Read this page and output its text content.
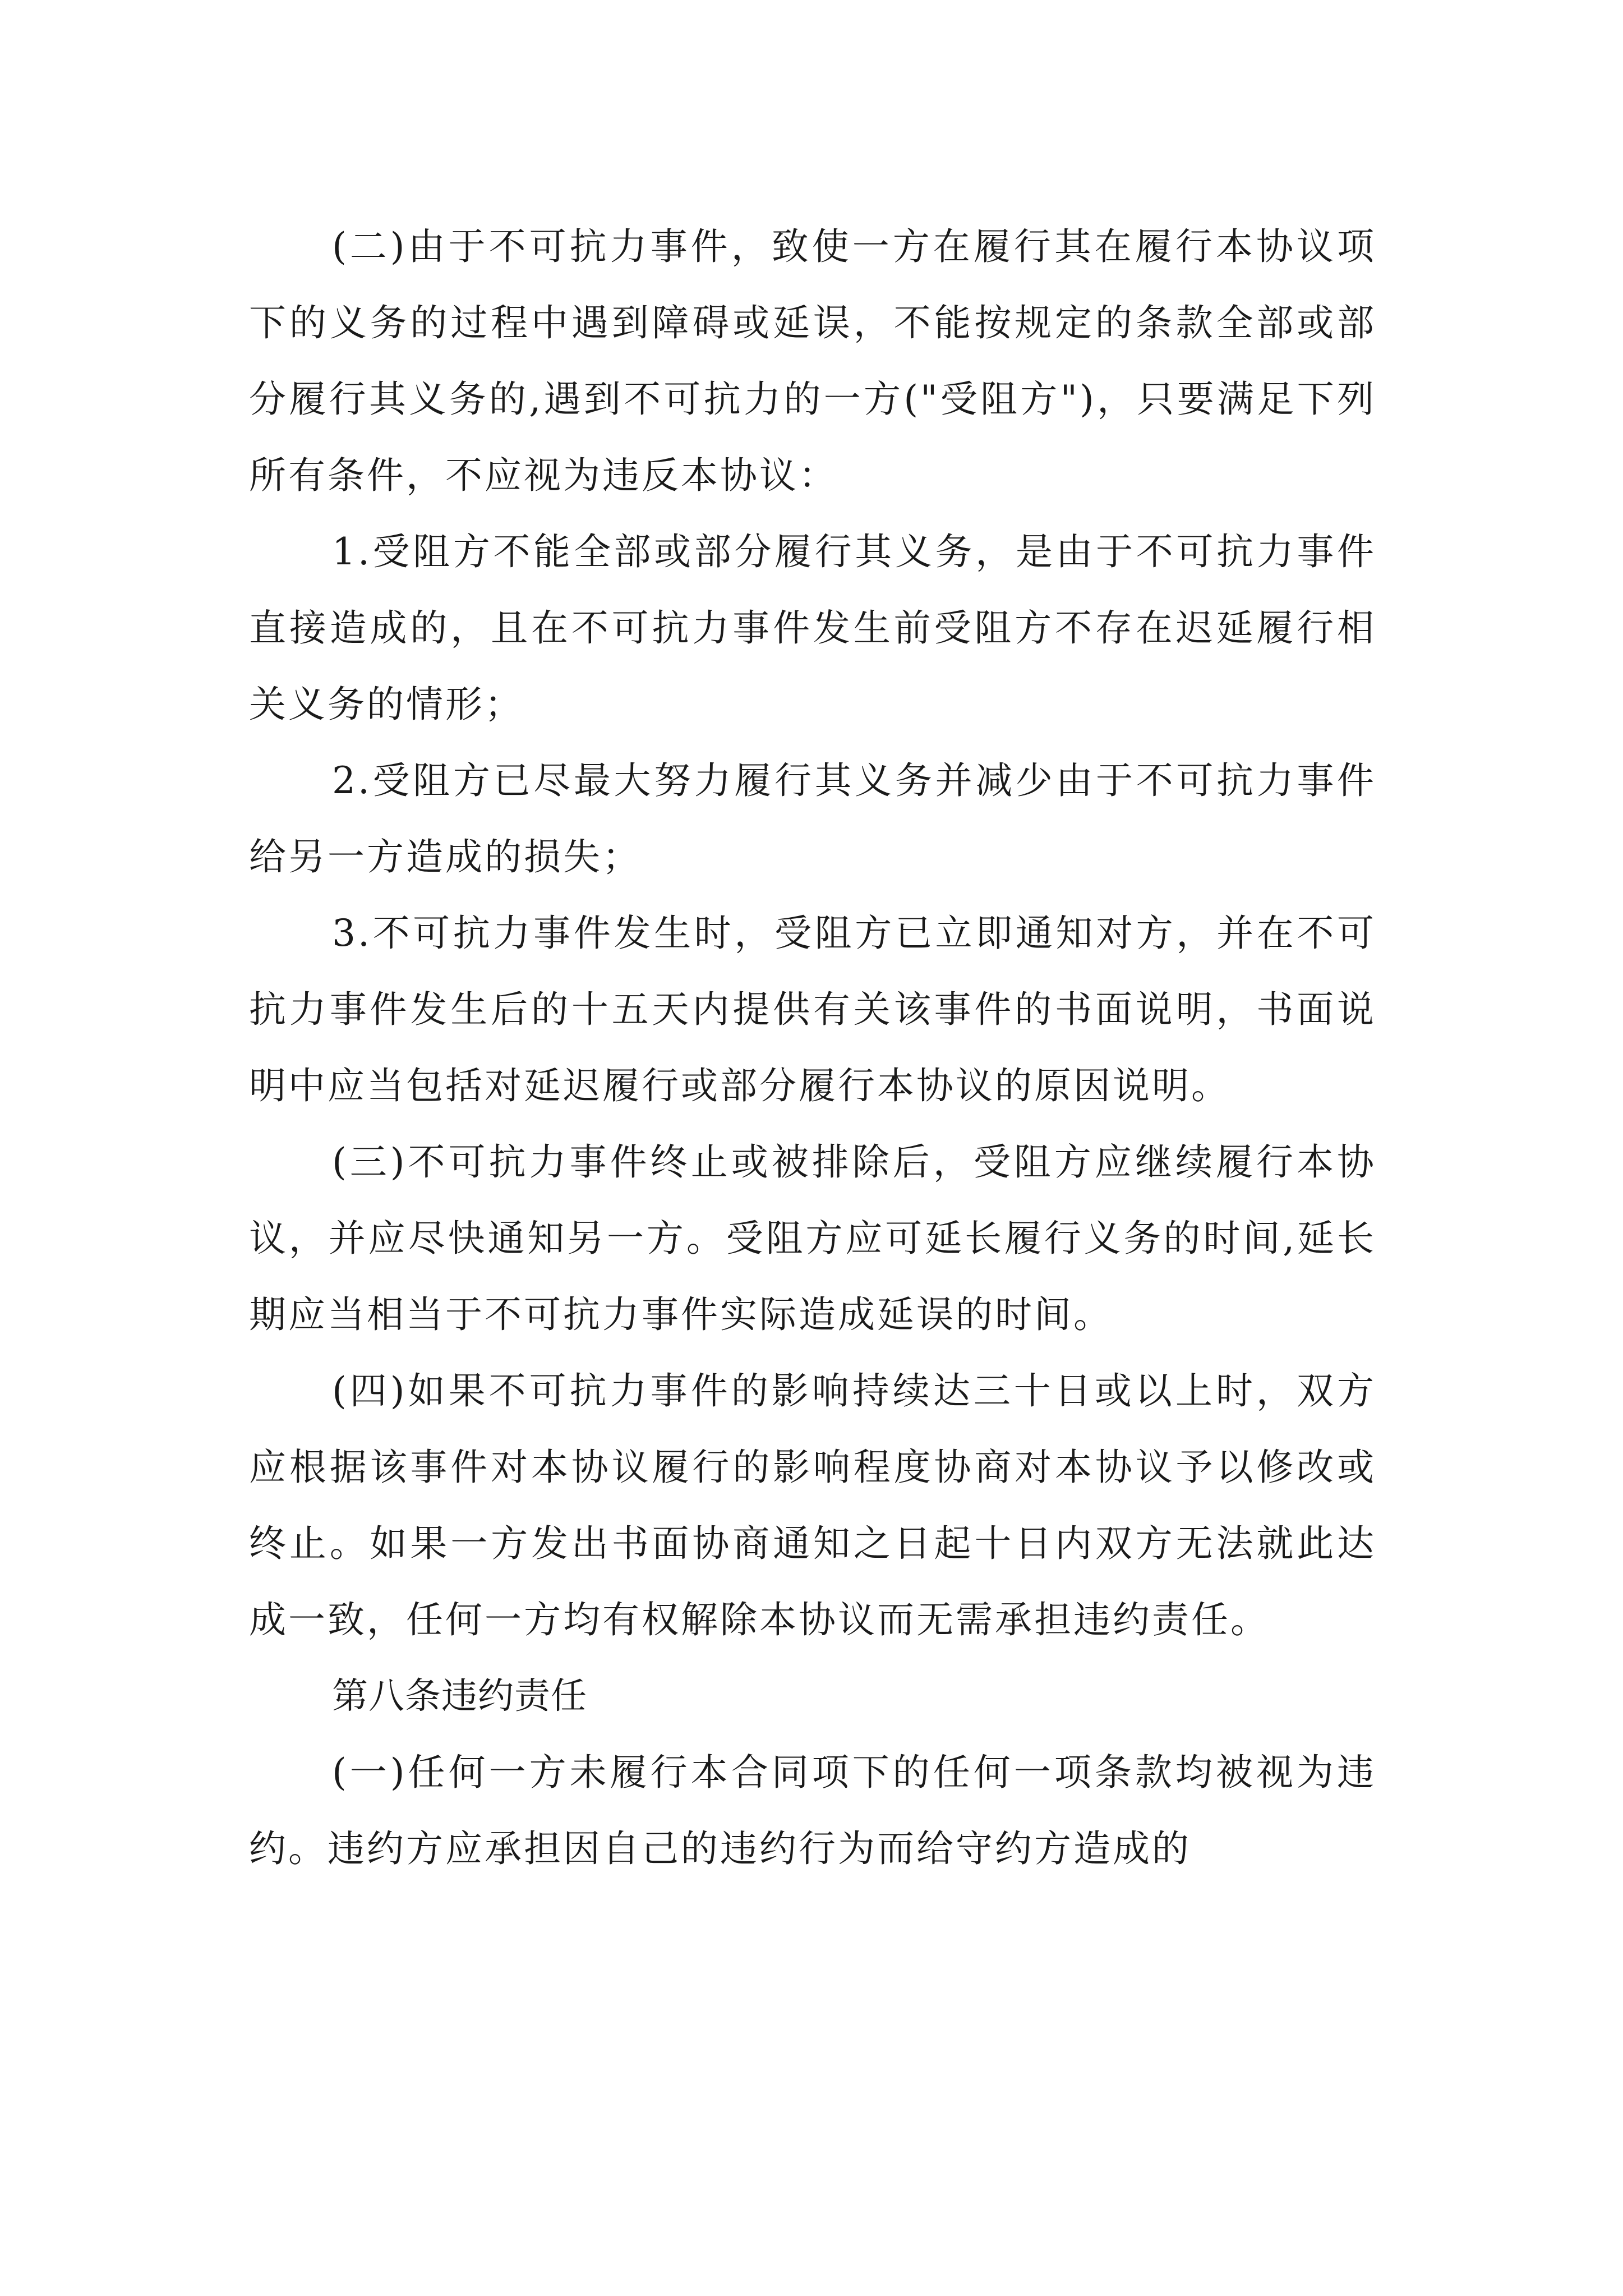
(二)由于不可抗力事件，致使一方在履行其在履行本协议项下的义务的过程中遇到障碍或延误，不能按规定的条款全部或部分履行其义务的,遇到不可抗力的一方("受阻方")，只要满足下列所有条件，不应视为违反本协议：

1.受阻方不能全部或部分履行其义务，是由于不可抗力事件直接造成的，且在不可抗力事件发生前受阻方不存在迟延履行相关义务的情形；

2.受阻方已尽最大努力履行其义务并减少由于不可抗力事件给另一方造成的损失；

3.不可抗力事件发生时，受阻方已立即通知对方，并在不可抗力事件发生后的十五天内提供有关该事件的书面说明，书面说明中应当包括对延迟履行或部分履行本协议的原因说明。

(三)不可抗力事件终止或被排除后，受阻方应继续履行本协议，并应尽快通知另一方。受阻方应可延长履行义务的时间,延长期应当相当于不可抗力事件实际造成延误的时间。

(四)如果不可抗力事件的影响持续达三十日或以上时，双方应根据该事件对本协议履行的影响程度协商对本协议予以修改或终止。如果一方发出书面协商通知之日起十日内双方无法就此达成一致，任何一方均有权解除本协议而无需承担违约责任。

第八条违约责任

(一)任何一方未履行本合同项下的任何一项条款均被视为违约。违约方应承担因自己的违约行为而给守约方造成的
